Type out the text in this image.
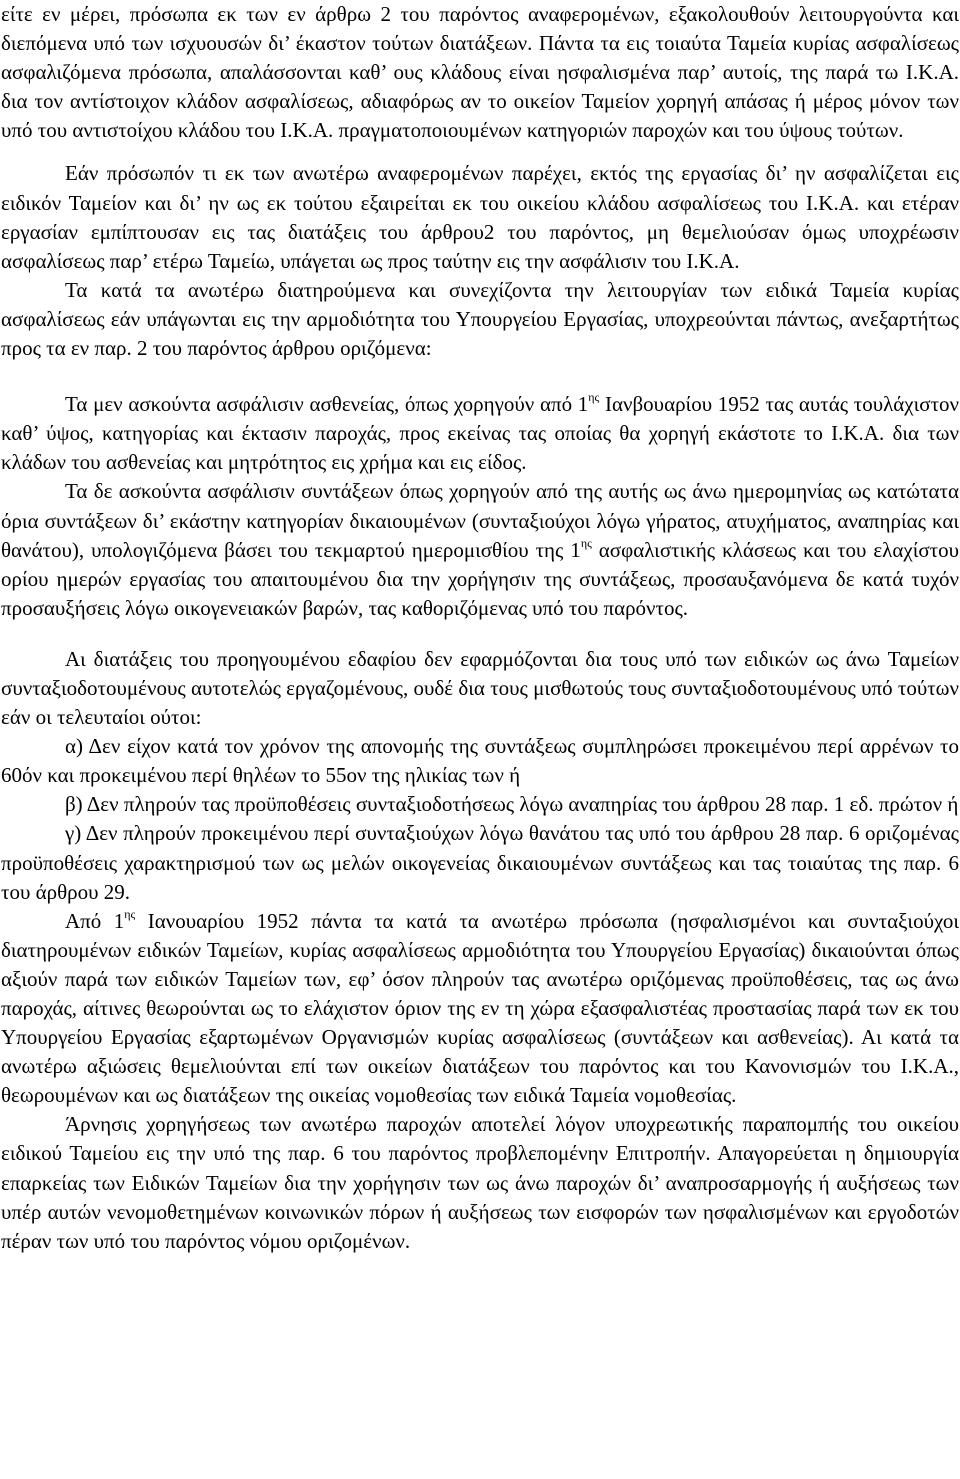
είτε εν μέρει, πρόσωπα εκ των εν άρθρω 2 του παρόντος αναφερομένων, εξακολουθούν λειτουργούντα και διεπόμενα υπό των ισχυουσών δι’ έκαστον τούτων διατάξεων. Πάντα τα εις τοιαύτα Ταμεία κυρίας ασφαλίσεως ασφαλιζόμενα πρόσωπα, απαλάσσονται καθ’ ους κλάδους είναι ησφαλισμένα παρ’ αυτοίς, της παρά τω Ι.Κ.Α. δια τον αντίστοιχον κλάδον ασφαλίσεως, αδιαφόρως αν το οικείον Ταμείον χορηγή απάσας ή μέρος μόνον των υπό του αντιστοίχου κλάδου του Ι.Κ.Α. πραγματοποιουμένων κατηγοριών παροχών και του ύψους τούτων.

Εάν πρόσωπόν τι εκ των ανωτέρω αναφερομένων παρέχει, εκτός της εργασίας δι’ ην ασφαλίζεται εις ειδικόν Ταμείον και δι’ ην ως εκ τούτου εξαιρείται εκ του οικείου κλάδου ασφαλίσεως του Ι.Κ.Α. και ετέραν εργασίαν εμπίπτουσαν εις τας διατάξεις του άρθρου2 του παρόντος, μη θεμελιούσαν όμως υποχρέωσιν ασφαλίσεως παρ’ ετέρω Ταμείω, υπάγεται ως προς ταύτην εις την ασφάλισιν του Ι.Κ.Α.

Τα κατά τα ανωτέρω διατηρούμενα και συνεχίζοντα την λειτουργίαν των ειδικά Ταμεία κυρίας ασφαλίσεως εάν υπάγωνται εις την αρμοδιότητα του Υπουργείου Εργασίας, υποχρεούνται πάντως, ανεξαρτήτως προς τα εν παρ. 2 του παρόντος άρθρου οριζόμενα:

Τα μεν ασκούντα ασφάλισιν ασθενείας, όπως χορηγούν από $1^{\eta\varsigma}$ Ιανβουαρίου 1952 τας αυτάς τουλάχιστον καθ’ ύψος, κατηγορίας και έκτασιν παροχάς, προς εκείνας τας οποίας θα χορηγή εκάστοτε το Ι.Κ.Α. δια των κλάδων του ασθενείας και μητρότητος εις χρήμα και εις είδος.

Τα δε ασκούντα ασφάλισιν συντάξεων όπως χορηγούν από της αυτής ως άνω ημερομηνίας ως κατώτατα όρια συντάξεων δι’ εκάστην κατηγορίαν δικαιουμένων (συνταξιούχοι λόγω γήρατος, ατυχήματος, αναπηρίας και θανάτου), υπολογιζόμενα βάσει του τεκμαρτού ημερομισθίου της $1^{\eta\varsigma}$ ασφαλιστικής κλάσεως και του ελαχίστου ορίου ημερών εργασίας του απαιτουμένου δια την χορήγησιν της συντάξεως, προσαυξανόμενα δε κατά τυχόν προσαυξήσεις λόγω οικογενειακών βαρών, τας καθοριζόμενας υπό του παρόντος.

Αι διατάξεις του προηγουμένου εδαφίου δεν εφαρμόζονται δια τους υπό των ειδικών ως άνω Ταμείων συνταξιοδοτουμένους αυτοτελώς εργαζομένους, ουδέ δια τους μισθωτούς τους συνταξιοδοτουμένους υπό τούτων εάν οι τελευταίοι ούτοι:

α) Δεν είχον κατά τον χρόνον της απονομής της συντάξεως συμπληρώσει προκειμένου περί αρρένων το 60όν και προκειμένου περί θηλέων το 55ον της ηλικίας των ή

β) Δεν πληρούν τας προϋποθέσεις συνταξιοδοτήσεως λόγω αναπηρίας του άρθρου 28 παρ. 1 εδ. πρώτον ή

γ) Δεν πληρούν προκειμένου περί συνταξιούχων λόγω θανάτου τας υπό του άρθρου 28 παρ. 6 οριζομένας προϋποθέσεις χαρακτηρισμού των ως μελών οικογενείας δικαιουμένων συντάξεως και τας τοιαύτας της παρ. 6 του άρθρου 29.

Από $1^{\eta\varsigma}$ Ιανουαρίου 1952 πάντα τα κατά τα ανωτέρω πρόσωπα (ησφαλισμένοι και συνταξιούχοι διατηρουμένων ειδικών Ταμείων, κυρίας ασφαλίσεως αρμοδιότητα του Υπουργείου Εργασίας) δικαιούνται όπως αξιούν παρά των ειδικών Ταμείων των, εφ’ όσον πληρούν τας ανωτέρω οριζόμενας προϋποθέσεις, τας ως άνω παροχάς, αίτινες θεωρούνται ως το ελάχιστον όριον της εν τη χώρα εξασφαλιστέας προστασίας παρά των εκ του Υπουργείου Εργασίας εξαρτωμένων Οργανισμών κυρίας ασφαλίσεως (συντάξεων και ασθενείας). Αι κατά τα ανωτέρω αξιώσεις θεμελιούνται επί των οικείων διατάξεων του παρόντος και του Κανονισμών του Ι.Κ.Α., θεωρουμένων και ως διατάξεων της οικείας νομοθεσίας των ειδικά Ταμεία νομοθεσίας.

Άρνησις χορηγήσεως των ανωτέρω παροχών αποτελεί λόγον υποχρεωτικής παραπομπής του οικείου ειδικού Ταμείου εις την υπό της παρ. 6 του παρόντος προβλεπομένην Επιτροπήν. Απαγορεύεται η δημιουργία επαρκείας των Ειδικών Ταμείων δια την χορήγησιν των ως άνω παροχών δι’ αναπροσαρμογής ή αυξήσεως των υπέρ αυτών νενομοθετημένων κοινωνικών πόρων ή αυξήσεως των εισφορών των ησφαλισμένων και εργοδοτών πέραν των υπό του παρόντος νόμου οριζομένων.
